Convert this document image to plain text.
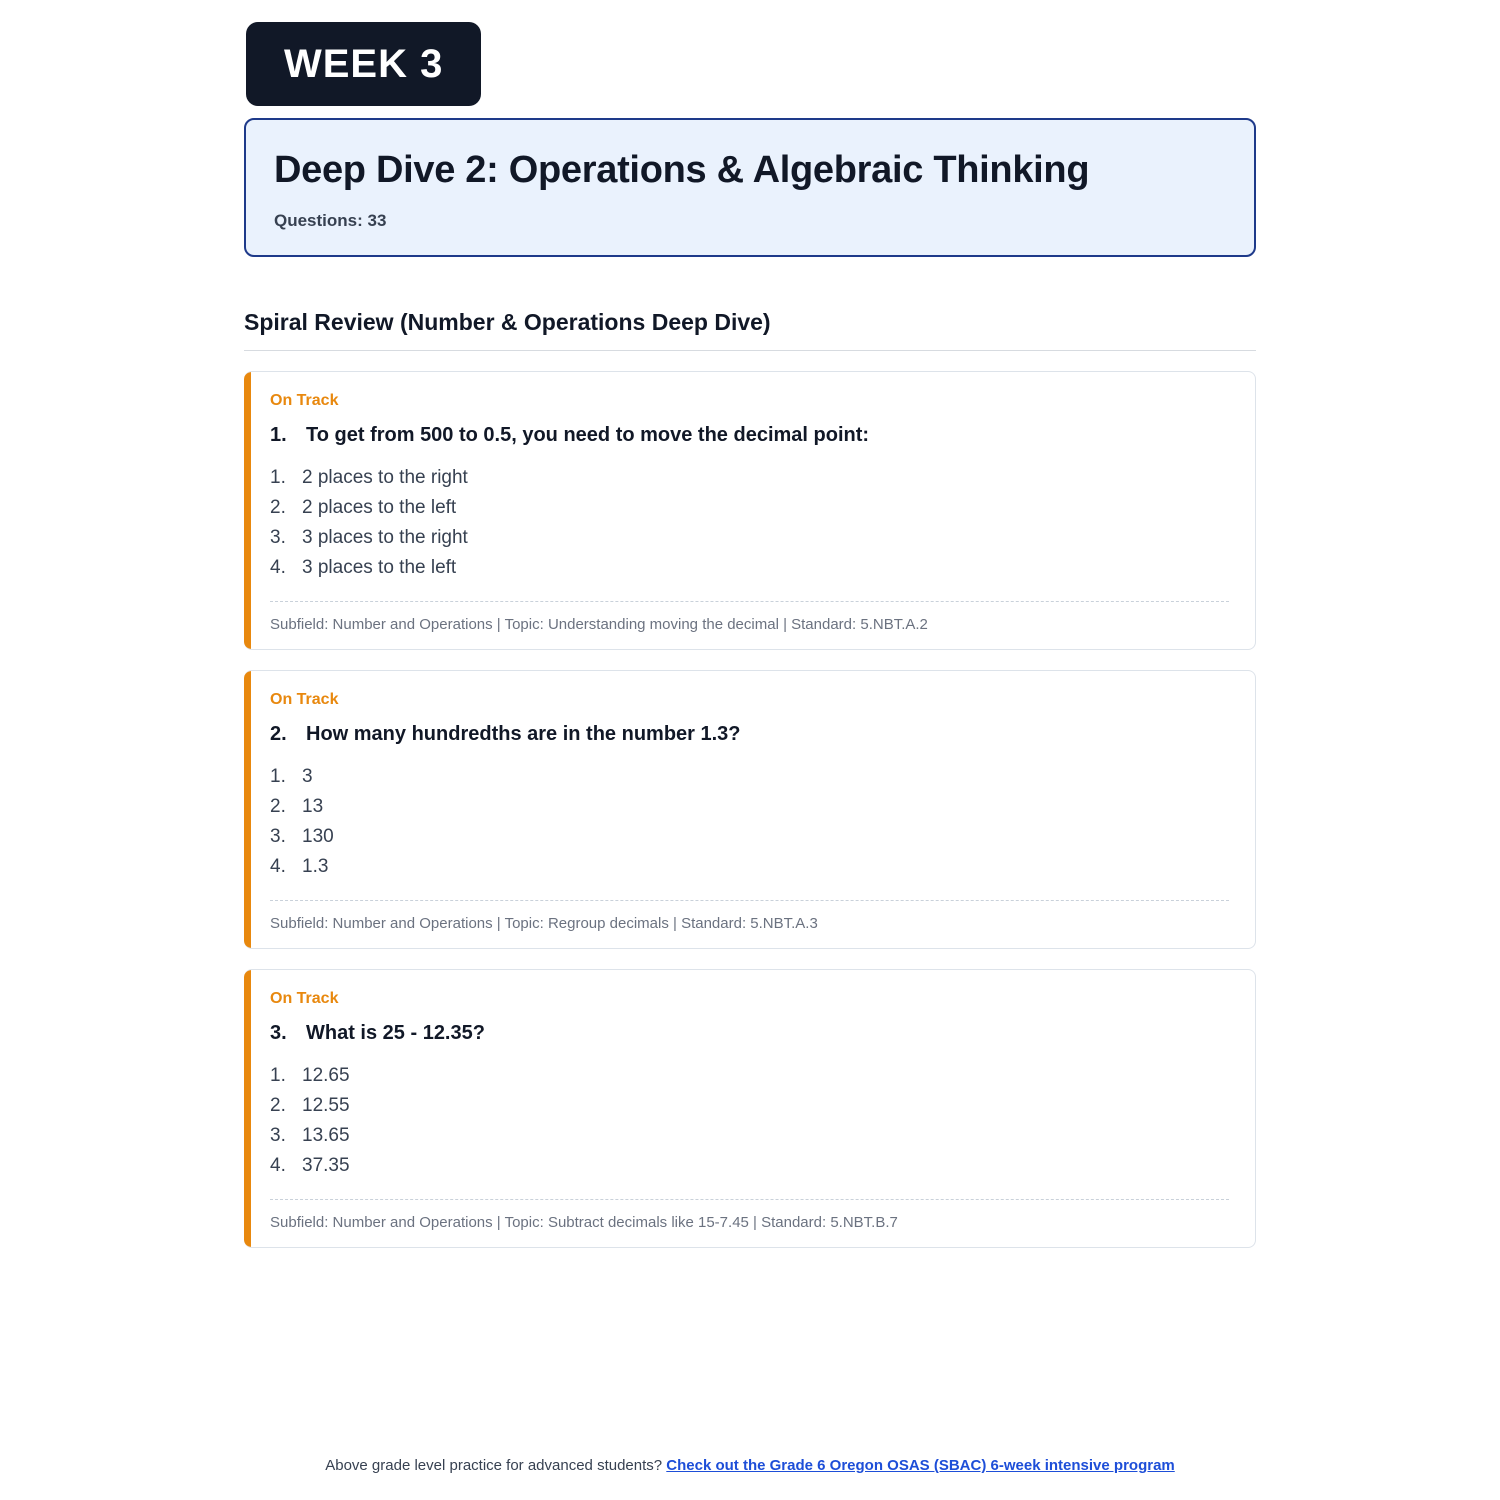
WEEK 3
Deep Dive 2: Operations & Algebraic Thinking
Questions: 33
Spiral Review (Number & Operations Deep Dive)
On Track
1. To get from 500 to 0.5, you need to move the decimal point:
1. 2 places to the right
2. 2 places to the left
3. 3 places to the right
4. 3 places to the left
Subfield: Number and Operations | Topic: Understanding moving the decimal | Standard: 5.NBT.A.2
On Track
2. How many hundredths are in the number 1.3?
1. 3
2. 13
3. 130
4. 1.3
Subfield: Number and Operations | Topic: Regroup decimals | Standard: 5.NBT.A.3
On Track
3. What is 25 - 12.35?
1. 12.65
2. 12.55
3. 13.65
4. 37.35
Subfield: Number and Operations | Topic: Subtract decimals like 15-7.45 | Standard: 5.NBT.B.7
Above grade level practice for advanced students? Check out the Grade 6 Oregon OSAS (SBAC) 6-week intensive program
